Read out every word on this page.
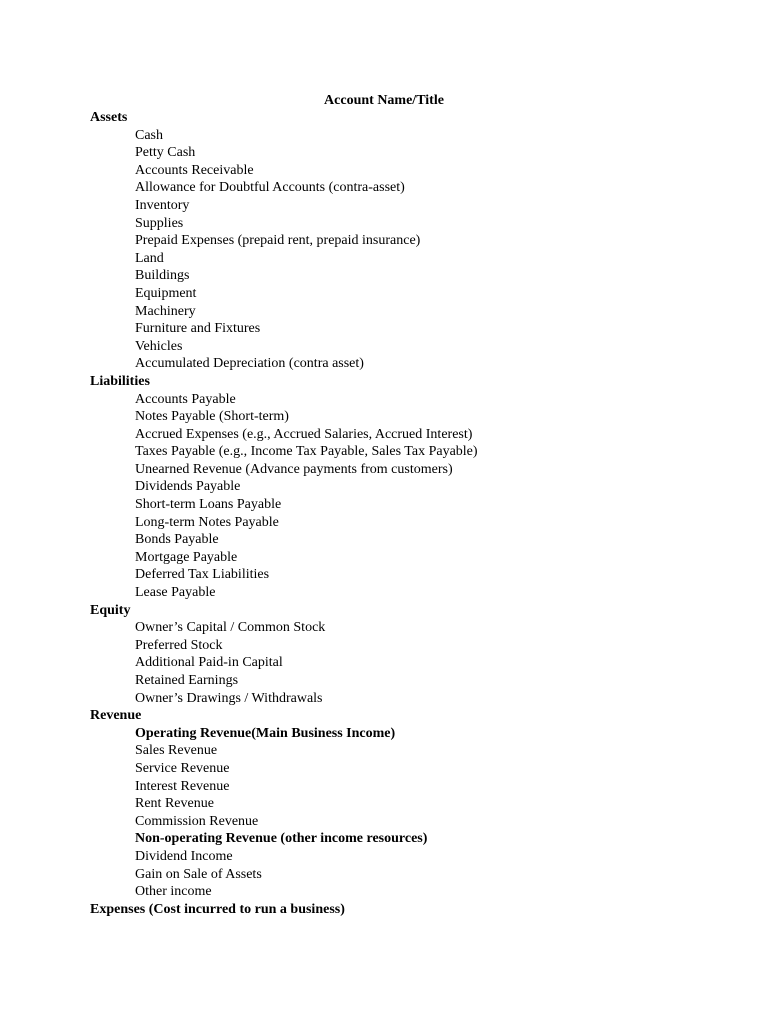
Account Name/Title
Assets
Cash
Petty Cash
Accounts Receivable
Allowance for Doubtful Accounts (contra-asset)
Inventory
Supplies
Prepaid Expenses (prepaid rent, prepaid insurance)
Land
Buildings
Equipment
Machinery
Furniture and Fixtures
Vehicles
Accumulated Depreciation (contra asset)
Liabilities
Accounts Payable
Notes Payable (Short-term)
Accrued Expenses (e.g., Accrued Salaries, Accrued Interest)
Taxes Payable (e.g., Income Tax Payable, Sales Tax Payable)
Unearned Revenue (Advance payments from customers)
Dividends Payable
Short-term Loans Payable
Long-term Notes Payable
Bonds Payable
Mortgage Payable
Deferred Tax Liabilities
Lease Payable
Equity
Owner’s Capital / Common Stock
Preferred Stock
Additional Paid-in Capital
Retained Earnings
Owner’s Drawings / Withdrawals
Revenue
Operating Revenue(Main Business Income)
Sales Revenue
Service Revenue
Interest Revenue
Rent Revenue
Commission Revenue
Non-operating Revenue (other income resources)
Dividend Income
Gain on Sale of Assets
Other income
Expenses (Cost incurred to run a business)
